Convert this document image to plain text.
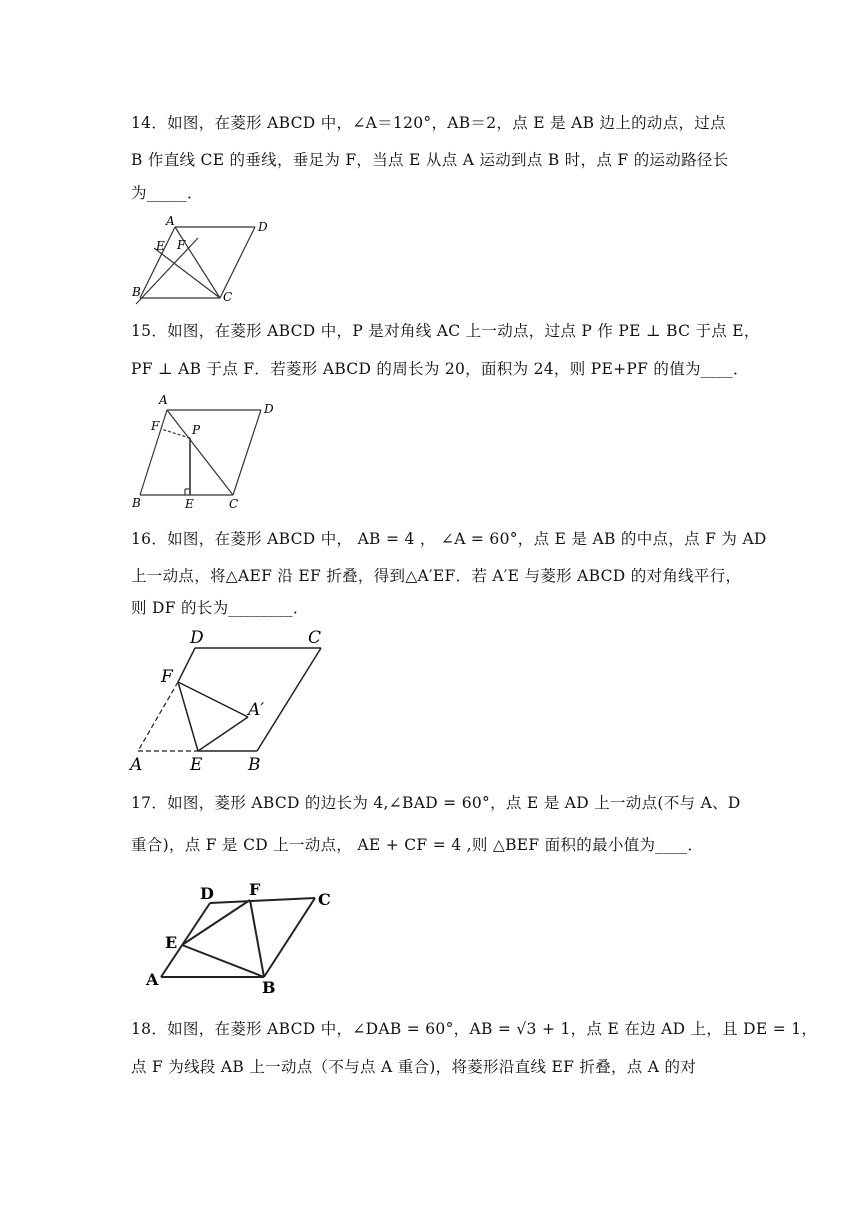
14．如图，在菱形 ABCD 中，∠A＝120°，AB＝2，点 E 是 AB 边上的动点，过点
B 作直线 CE 的垂线，垂足为 F，当点 E 从点 A 运动到点 B 时，点 F 的运动路径长
为_____．
A	D
E F
B	C
15．如图，在菱形 ABCD 中，P 是对角线 AC 上一动点，过点 P 作 PE ⊥ BC 于点 E，
PF ⊥ AB 于点 F．若菱形 ABCD 的周长为 20，面积为 24，则 PE+PF 的值为____．
A
D
F	P
B	E	C
16．如图，在菱形 ABCD 中， AB = 4 ， ∠A = 60°，点 E 是 AB 的中点，点 F 为 AD
上一动点，将△AEF 沿 EF 折叠，得到△A′EF．若 A′E 与菱形 ABCD 的对角线平行，
则 DF 的长为________．
D	C
F
A′
A	E	B
17．如图，菱形 ABCD 的边长为 4,∠BAD = 60°，点 E 是 AD 上一动点(不与 A、D
重合)，点 F 是 CD 上一动点， AE + CF = 4 ,则 △BEF 面积的最小值为____．
D F
C
E
A	B
18．如图，在菱形 ABCD 中，∠DAB = 60°，AB = √3 + 1，点 E 在边 AD 上，且 DE = 1，
点 F 为线段 AB 上一动点（不与点 A 重合)，将菱形沿直线 EF 折叠，点 A 的对
